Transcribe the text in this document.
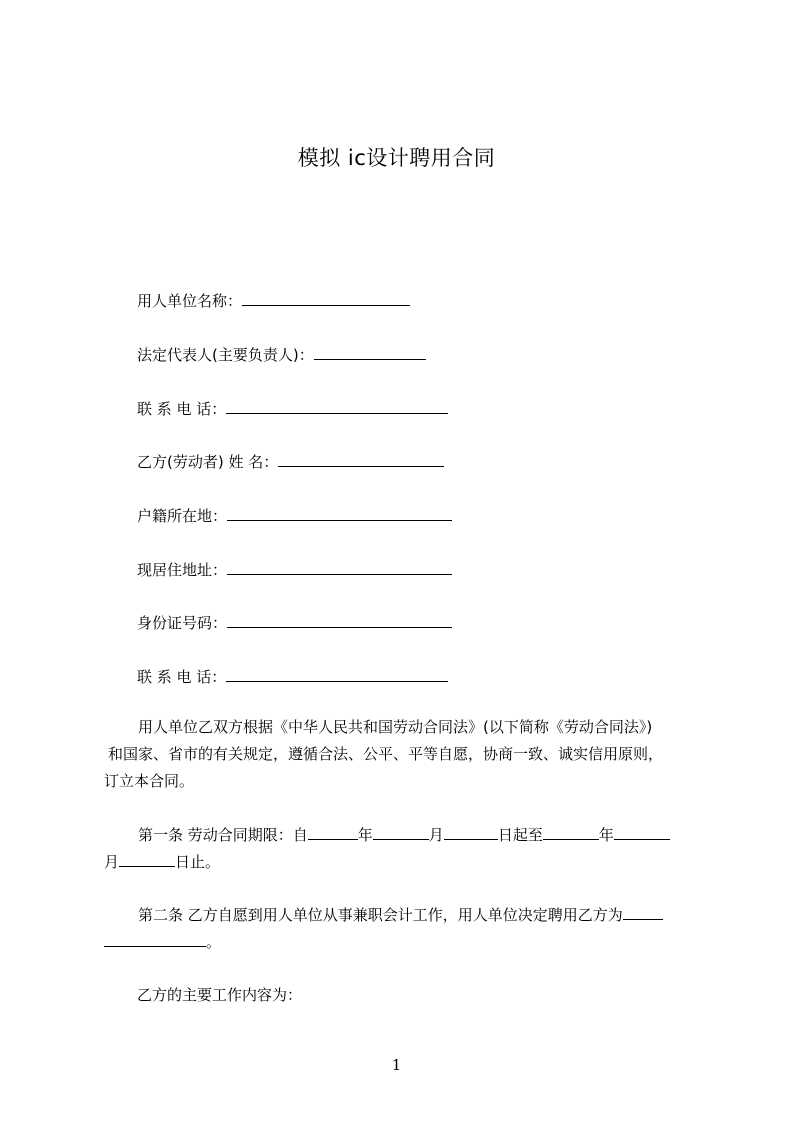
模拟 ic设计聘用合同
用人单位名称：
法定代表人(主要负责人)：
联 系 电 话：
乙方(劳动者) 姓 名：
户籍所在地：
现居住地址：
身份证号码：
联 系 电 话：
用人单位乙双方根据《中华人民共和国劳动合同法》(以下简称《劳动合同法》)
和国家、省市的有关规定，遵循合法、公平、平等自愿，协商一致、诚实信用原则，
订立本合同。
第一条 劳动合同期限：自	年	月	日起至	年
月	日止。
第二条 乙方自愿到用人单位从事兼职会计工作，用人单位决定聘用乙方为
。
乙方的主要工作内容为：
1
